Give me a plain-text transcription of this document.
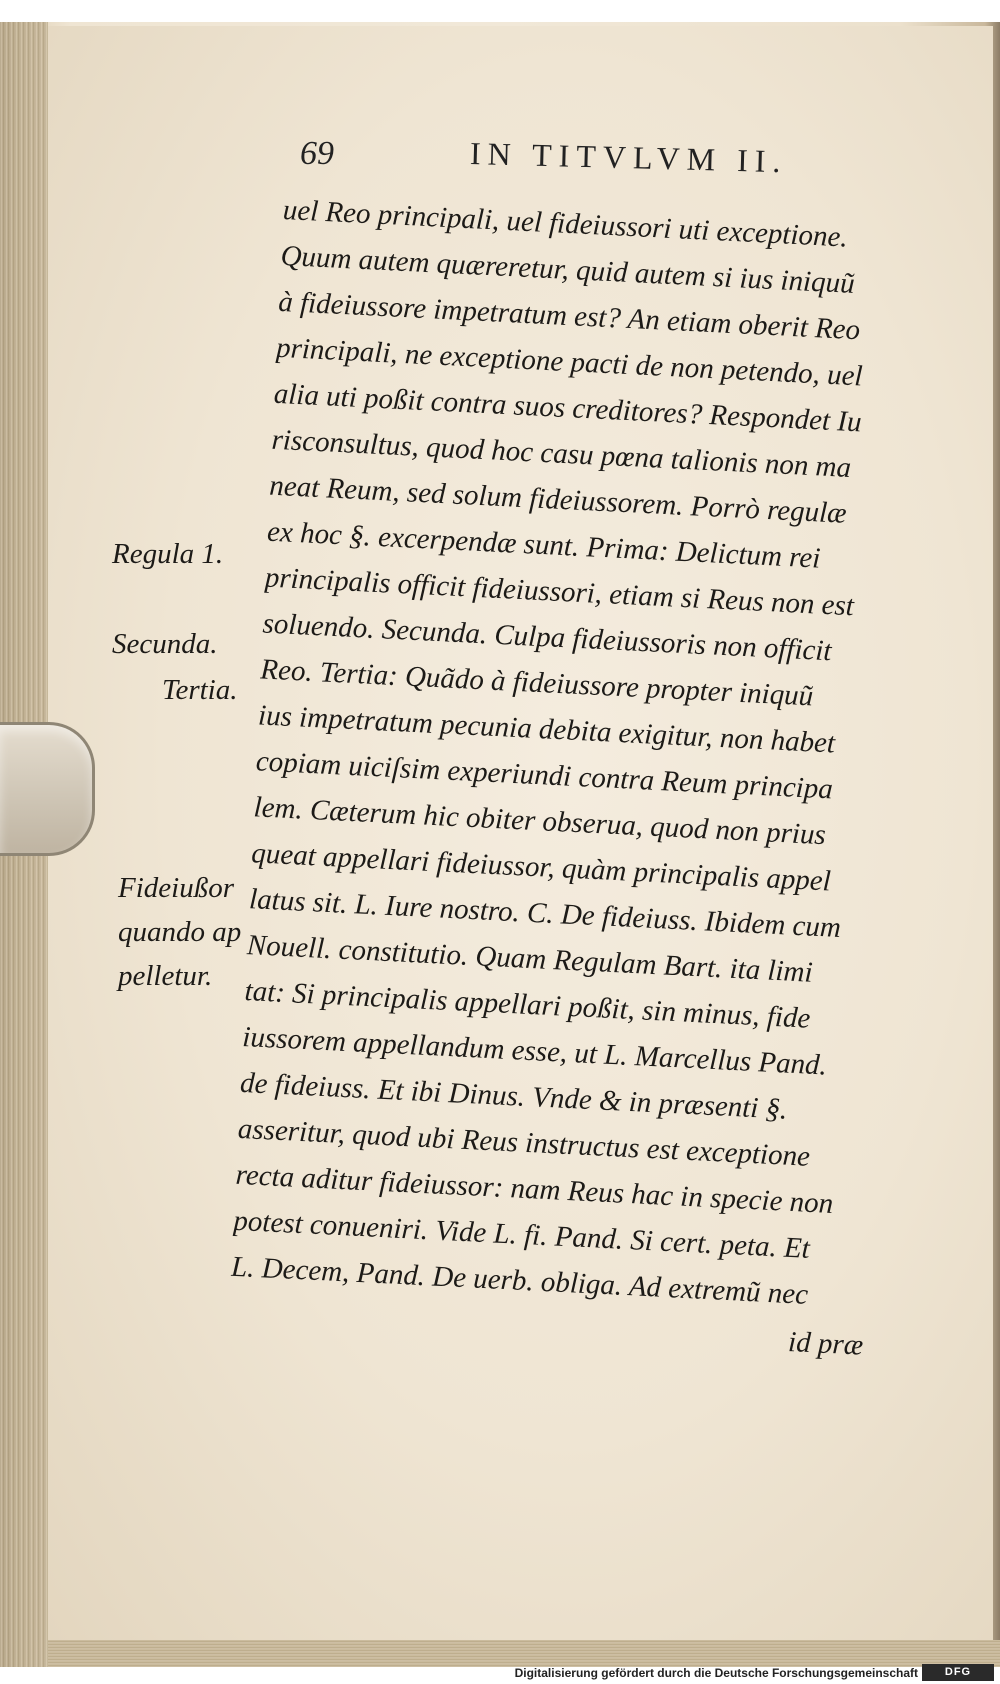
69	IN TITVLVM II.
uel Reo principali, uel fideiussori uti exceptione.
Quum autem quæreretur, quid autem si ius iniquũ
à fideiussore impetratum est? An etiam oberit Reo
principali, ne exceptione pacti de non petendo, uel
alia uti poßit contra suos creditores? Respondet Iu
risconsultus, quod hoc casu pœna talionis non ma
neat Reum, sed solum fideiussorem. Porrò regulæ
ex hoc §. excerpendæ sunt. Prima: Delictum rei
principalis officit fideiussori, etiam si Reus non est
soluendo. Secunda. Culpa fideiussoris non officit
Reo. Tertia: Quãdo à fideiussore propter iniquũ
ius impetratum pecunia debita exigitur, non habet
copiam uiciſsim experiundi contra Reum principa
lem. Cæterum hic obiter obserua, quod non prius
queat appellari fideiussor, quàm principalis appel
latus sit. L. Iure nostro. C. De fideiuss. Ibidem cum
Nouell. constitutio. Quam Regulam Bart. ita limi
tat: Si principalis appellari poßit, sin minus, fide
iussorem appellandum esse, ut L. Marcellus Pand.
de fideiuss. Et ibi Dinus. Vnde & in præsenti §.
asseritur, quod ubi Reus instructus est exceptione
recta aditur fideiussor: nam Reus hac in specie non
potest conueniri. Vide L. fi. Pand. Si cert. peta. Et
L. Decem, Pand. De uerb. obliga. Ad extremũ nec
id præ
Regula 1.
Secunda.
Tertia.
Fideiußor
quando ap
pelletur.
Digitalisierung gefördert durch die Deutsche Forschungsgemeinschaft	DFG
